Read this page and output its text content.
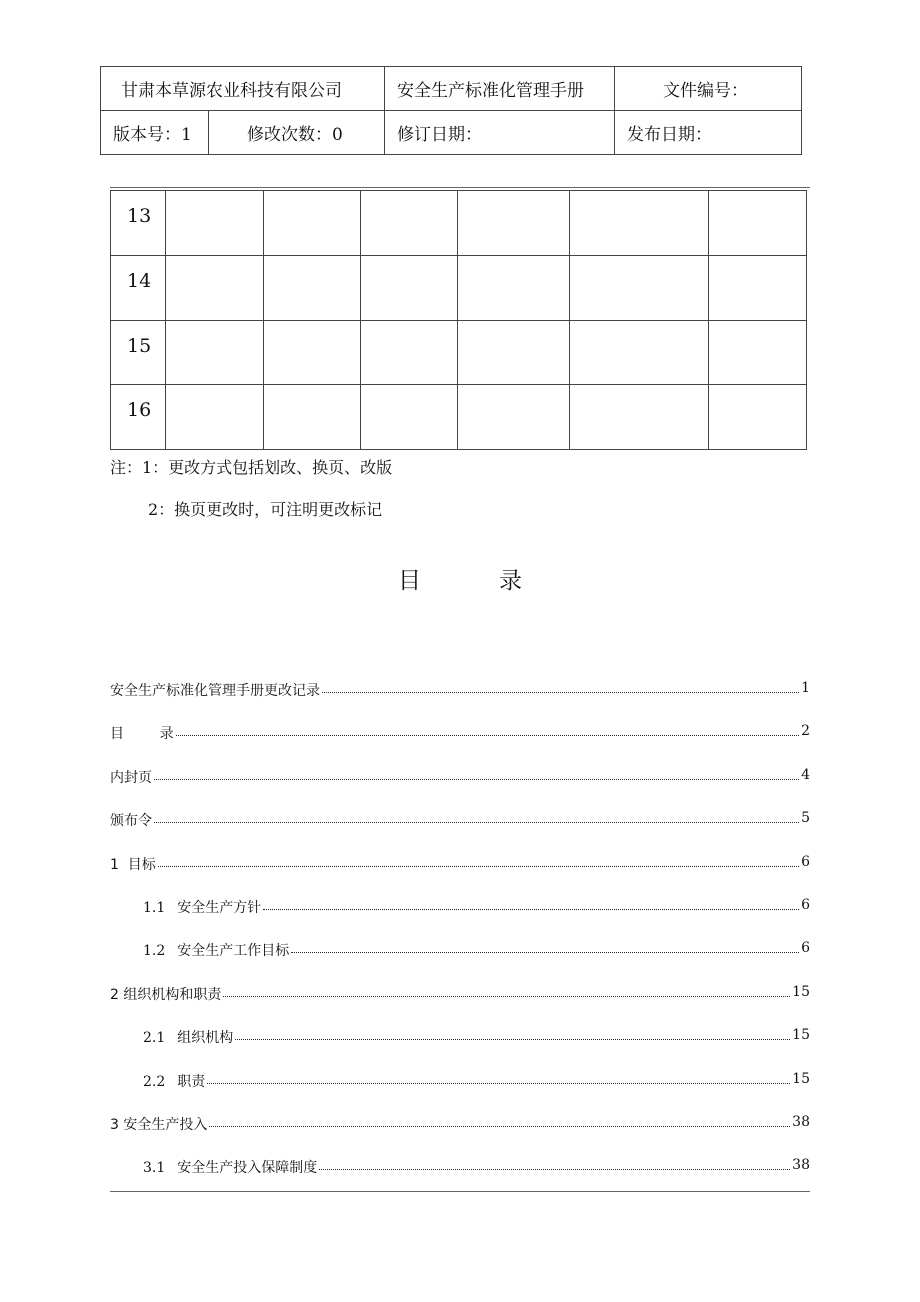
甘肃本草源农业科技有限公司		安全生产标准化管理手册	文件编号：
版本号：1	修改次数：0	修订日期：	发布日期：
13						
14						
15						
16						
注：1：更改方式包括划改、换页、改版
2：换页更改时，可注明更改标记
目录
安全生产标准化管理手册更改记录	1
目        录	2
内封页	4
颁布令	5
1  目标	6
1.1 安全生产方针	6
1.2 安全生产工作目标	6
2 组织机构和职责	15
2.1 组织机构	15
2.2 职责	15
3 安全生产投入	38
3.1 安全生产投入保障制度	38
